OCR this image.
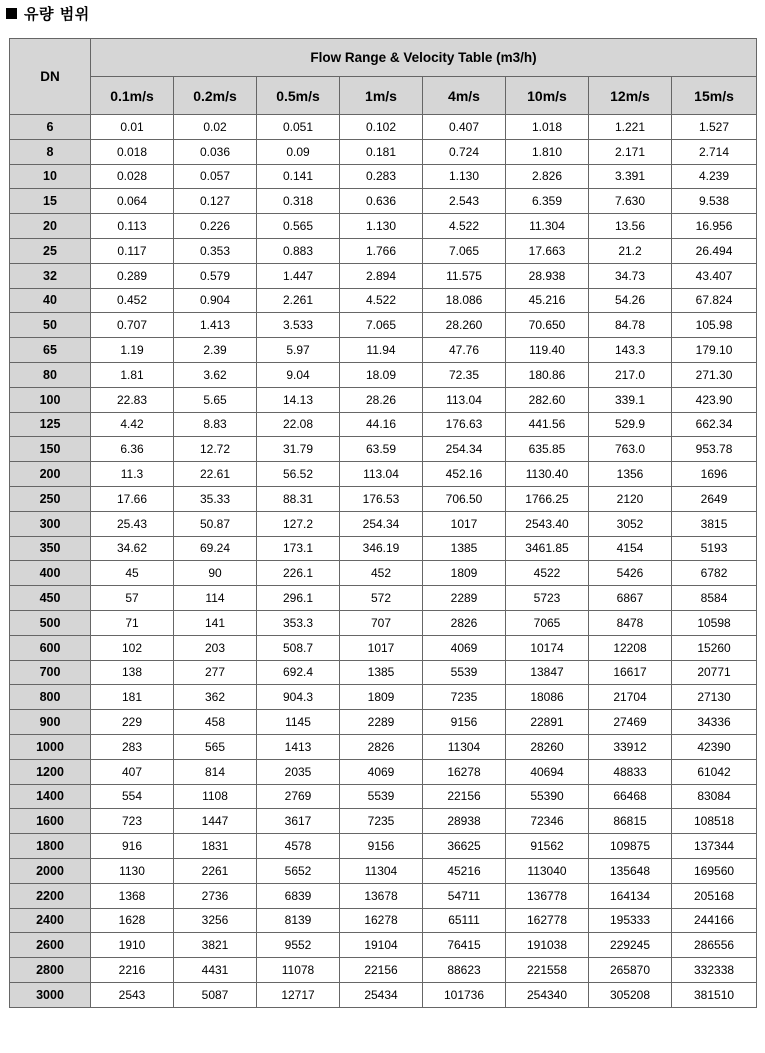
유량 범위
DN	Flow Range & Velocity Table (m3/h)							
	0.1m/s	0.2m/s	0.5m/s	1m/s	4m/s	10m/s	12m/s	15m/s
6	0.01	0.02	0.051	0.102	0.407	1.018	1.221	1.527
8	0.018	0.036	0.09	0.181	0.724	1.810	2.171	2.714
10	0.028	0.057	0.141	0.283	1.130	2.826	3.391	4.239
15	0.064	0.127	0.318	0.636	2.543	6.359	7.630	9.538
20	0.113	0.226	0.565	1.130	4.522	11.304	13.56	16.956
25	0.117	0.353	0.883	1.766	7.065	17.663	21.2	26.494
32	0.289	0.579	1.447	2.894	11.575	28.938	34.73	43.407
40	0.452	0.904	2.261	4.522	18.086	45.216	54.26	67.824
50	0.707	1.413	3.533	7.065	28.260	70.650	84.78	105.98
65	1.19	2.39	5.97	11.94	47.76	119.40	143.3	179.10
80	1.81	3.62	9.04	18.09	72.35	180.86	217.0	271.30
100	22.83	5.65	14.13	28.26	113.04	282.60	339.1	423.90
125	4.42	8.83	22.08	44.16	176.63	441.56	529.9	662.34
150	6.36	12.72	31.79	63.59	254.34	635.85	763.0	953.78
200	11.3	22.61	56.52	113.04	452.16	1130.40	1356	1696
250	17.66	35.33	88.31	176.53	706.50	1766.25	2120	2649
300	25.43	50.87	127.2	254.34	1017	2543.40	3052	3815
350	34.62	69.24	173.1	346.19	1385	3461.85	4154	5193
400	45	90	226.1	452	1809	4522	5426	6782
450	57	114	296.1	572	2289	5723	6867	8584
500	71	141	353.3	707	2826	7065	8478	10598
600	102	203	508.7	1017	4069	10174	12208	15260
700	138	277	692.4	1385	5539	13847	16617	20771
800	181	362	904.3	1809	7235	18086	21704	27130
900	229	458	1145	2289	9156	22891	27469	34336
1000	283	565	1413	2826	11304	28260	33912	42390
1200	407	814	2035	4069	16278	40694	48833	61042
1400	554	1108	2769	5539	22156	55390	66468	83084
1600	723	1447	3617	7235	28938	72346	86815	108518
1800	916	1831	4578	9156	36625	91562	109875	137344
2000	1130	2261	5652	11304	45216	113040	135648	169560
2200	1368	2736	6839	13678	54711	136778	164134	205168
2400	1628	3256	8139	16278	65111	162778	195333	244166
2600	1910	3821	9552	19104	76415	191038	229245	286556
2800	2216	4431	11078	22156	88623	221558	265870	332338
3000	2543	5087	12717	25434	101736	254340	305208	381510
